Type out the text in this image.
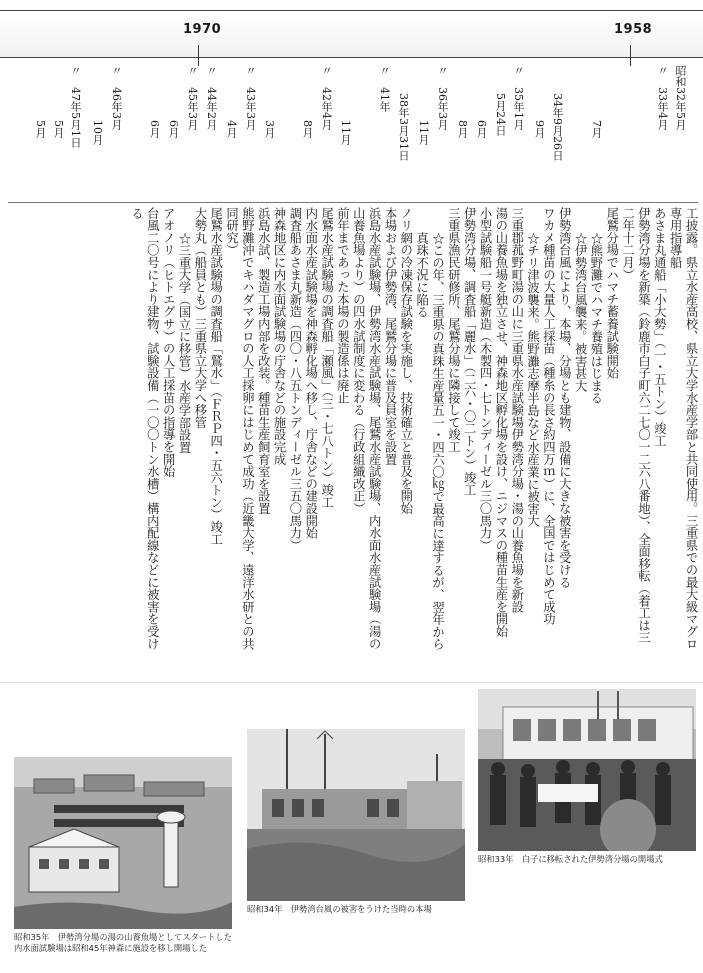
1970	1958
昭和32年5月
〃　33年4月
7月
34年9月26日
9月
〃　35年1月
5月24日
6月
8月
〃　36年3月
11月
38年3月31日
〃　41年
11月
8月 〃　42年4月
3月
〃　43年3月
4月
〃　44年2月
〃　45年3月
6月
6月
〃　46年3月
10月
5月 〃　47年5月1日
5月

工披露。県立水産高校、県立大学水産学部と共同使用。三重県での最大級マグロ専用指導船

あさま丸通船「小大勢」（一・五トン）竣工

伊勢湾分場を新築（鈴鹿市白子町六二七〇一二六八番地）、全面移転（着工は三二年十二月）

尾鷲分場でハマチ蓄養試験開始

☆熊野灘でハマチ養殖はじまる

☆伊勢湾台風襲来。被害甚大

伊勢湾台風により、本場、分場とも建物、設備に大きな被害を受ける

ワカメ種苗の大量人工採苗（種糸の長さ約四万ｍ）に、全国ではじめて成功

☆チリ津波襲来。熊野灘志摩半島など水産業に被害大

三重郡菰野町湯の山に三重県水産試験場伊勢湾分場・湯の山養魚場を新設

湯の山養魚場を独立させ、神森地区孵化場を設け、ニジマスの種苗生産を開始

小型試験船一号艇新造（木製四・七トンディーゼル三〇馬力）

伊勢湾分場、調査船「麗水」（二六・〇二トン）竣工

三重県漁民研修所、尾鷲分場に隣接して竣工

☆この年、三重県の真珠生産量五一・四六〇㎏で最高に達するが、翌年から真珠不況に陥る

ノリ網の冷凍保存試験を実施し、技術確立と普及を開始

本場および伊勢湾、尾鷲分場に普及員室を設置

浜島水産試験場、伊勢湾水産試験場、尾鷲水産試験場、内水面水産試験場（湯の山養魚場より）の四水試制度に変わる（行政組織改正）

前年まであった本場の製造係は廃止

尾鷲水産試験場の調査船「瀬風」（三・七八トン）竣工

内水面水産試験場を神森孵化場へ移し、庁舎などの建設開始

調査船あさま丸新造（四〇・八五トンディーゼル三五〇馬力）

神森地区に内水面試験場の庁舎などの施設完成

浜島水試、製造工場内部を改装。種苗生産飼育室を設置

熊野灘沖でキハダマグロの人工採卵にはじめて成功（近畿大学、遠洋水研との共同研究）

尾鷲水産試験場の調査船「鷲水」（ＦＲＰ四・五六トン）竣工

大勢丸（船員とも）三重県立大学へ移管

☆三重大学（国立に移管）水産学部設置

アオノリ（ヒトエグサ）の人工採苗の指導を開始

台風二〇号により建物、試験設備（一〇〇トン水槽）構内配線などに被害を受ける

昭和33年　白子に移転された伊勢湾分場の開場式
昭和34年　伊勢湾台風の被害をうけた当時の本場
昭和35年　伊勢湾分場の湯の山養魚場としてスタートした内水面試験場は昭和45年神森に施設を移し開場した
